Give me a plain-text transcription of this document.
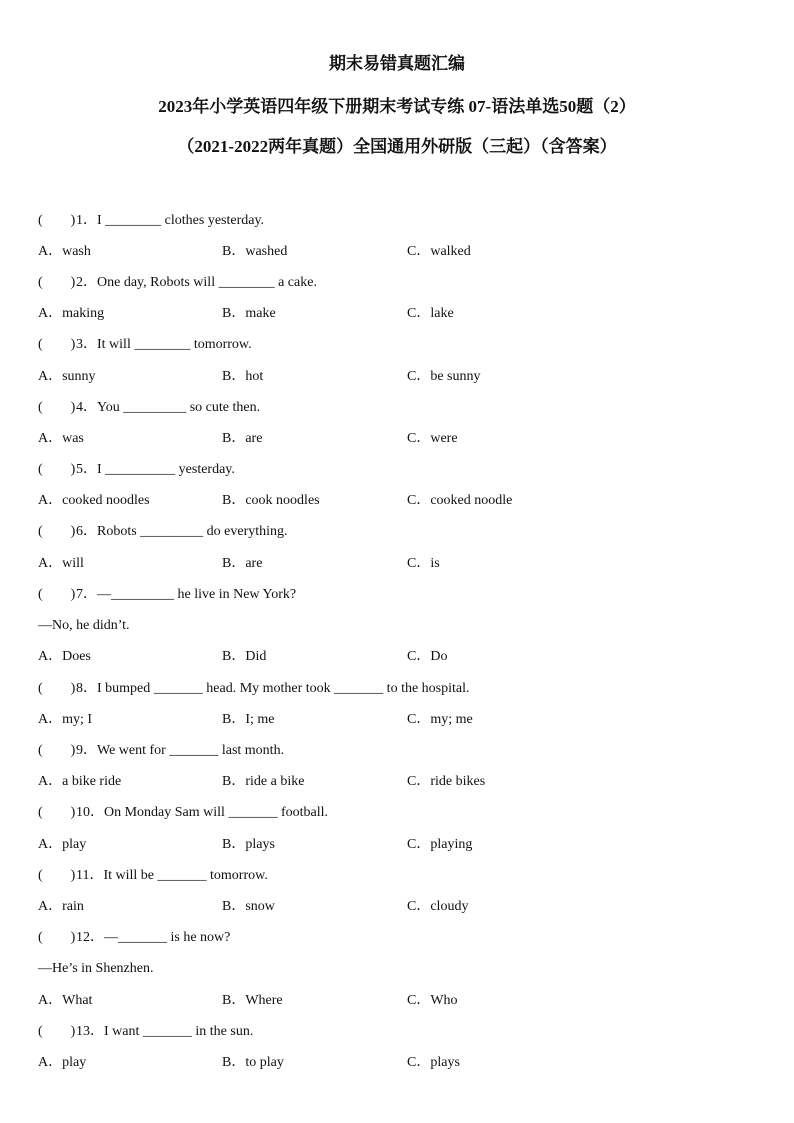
期末易错真题汇编
2023年小学英语四年级下册期末考试专练 07-语法单选50题（2）
（2021-2022两年真题）全国通用外研版（三起）（含答案）
(　　)1．I ________ clothes yesterday.
A．wash	B．washed	C．walked
(　　)2．One day, Robots will ________ a cake.
A．making	B．make	C．lake
(　　)3．It will ________ tomorrow.
A．sunny	B．hot	C．be sunny
(　　)4．You _________ so cute then.
A．was	B．are	C．were
(　　)5．I __________ yesterday.
A．cooked noodles	B．cook noodles	C．cooked noodle
(　　)6．Robots _________ do everything.
A．will	B．are	C．is
(　　)7．—_________ he live in New York?
—No, he didn’t.
A．Does	B．Did	C．Do
(　　)8．I bumped _______ head. My mother took _______ to the hospital.
A．my; I	B．I; me	C．my; me
(　　)9．We went for _______ last month.
A．a bike ride	B．ride a bike	C．ride bikes
(　　)10．On Monday Sam will _______ football.
A．play	B．plays	C．playing
(　　)11．It will be _______ tomorrow.
A．rain	B．snow	C．cloudy
(　　)12．—_______ is he now?
—He’s in Shenzhen.
A．What	B．Where	C．Who
(　　)13．I want _______ in the sun.
A．play	B．to play	C．plays
